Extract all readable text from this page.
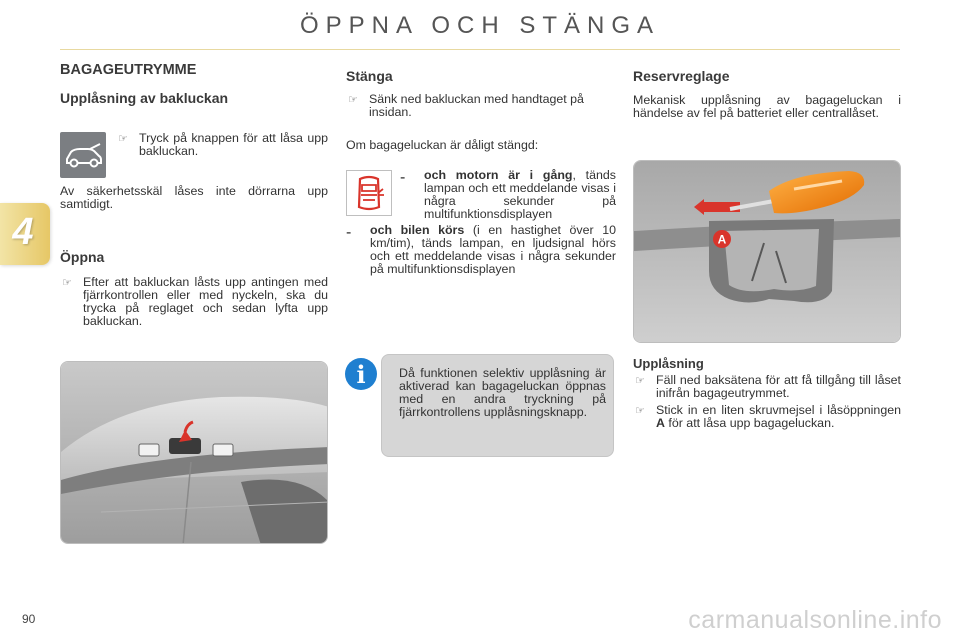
ÖPPNA OCH STÄNGA
4
BAGAGEUTRYMME
Upplåsning av bakluckan
☞ Tryck på knappen för att låsa upp bakluckan.

Av säkerhetsskäl låses inte dörrarna upp samtidigt.

Öppna
☞ Efter att bakluckan låsts upp antingen med fjärrkontrollen eller med nyckeln, ska du trycka på reglaget och sedan lyfta upp bakluckan.

Stänga
☞ Sänk ned bakluckan med handtaget på insidan.

Om bagageluckan är dåligt stängd:

- och motorn är i gång, tänds lampan och ett meddelande visas i några sekunder på multifunktionsdisplayen

- och bilen körs (i en hastighet över 10 km/tim), tänds lampan, en ljudsignal hörs och ett meddelande visas i några sekunder på multifunktionsdisplayen

i	Då funktionen selektiv upplåsning är aktiverad kan bagageluckan öppnas med en andra tryckning på fjärrkontrollens upplåsningsknapp.

Reservreglage

Mekanisk upplåsning av bagageluckan i händelse av fel på batteriet eller centrallåset.

A
Upplåsning
☞ Fäll ned baksätena för att få tillgång till låset inifrån bagageutrymmet.

☞ Stick in en liten skruvmejsel i låsöppningen A för att låsa upp bagageluckan.

90	carmanualsonline.info
